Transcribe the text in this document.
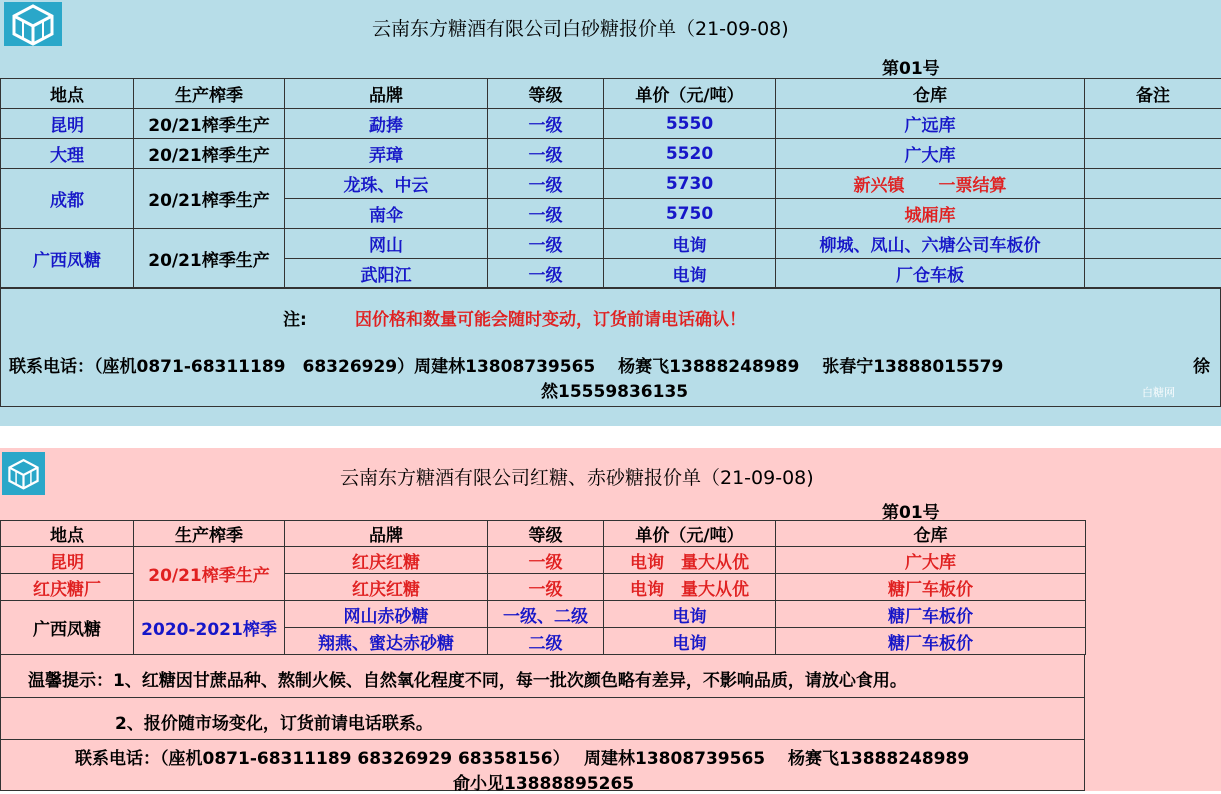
云南东方糖酒有限公司白砂糖报价单（21-09-08)
第01号
地点	生产榨季	品牌	等级	单价（元/吨）	仓库	备注
昆明	20/21榨季生产	勐捧	一级	5550	广远库	
大理	20/21榨季生产	弄璋	一级	5520	广大库	
成都	20/21榨季生产	龙珠、中云	一级	5730	新兴镇　　一票结算	
		南伞	一级	5750	城厢库	
广西凤糖	20/21榨季生产	网山	一级	电询	柳城、凤山、六塘公司车板价	
		武阳江	一级	电询	厂仓车板	
注:	因价格和数量可能会随时变动，订货前请电话确认！
联系电话：（座机0871-68311189　68326929）周建林13808739565　 杨赛飞13888248989　 张春宁13888015579	徐
然15559836135	白糖网
云南东方糖酒有限公司红糖、赤砂糖报价单（21-09-08)
第01号
地点	生产榨季	品牌	等级	单价（元/吨）	仓库
昆明	20/21榨季生产	红庆红糖	一级	电询　量大从优	广大库
红庆糖厂		红庆红糖	一级	电询　量大从优	糖厂车板价
广西凤糖	2020-2021榨季	网山赤砂糖	一级、二级	电询	糖厂车板价
		翔燕、蜜达赤砂糖	二级	电询	糖厂车板价
温馨提示：1、红糖因甘蔗品种、熬制火候、自然氧化程度不同，每一批次颜色略有差异，不影响品质，请放心食用。
2、报价随市场变化，订货前请电话联系。
联系电话：（座机0871-68311189 68326929 68358156）　 周建林13808739565　 杨赛飞13888248989
俞小见13888895265
